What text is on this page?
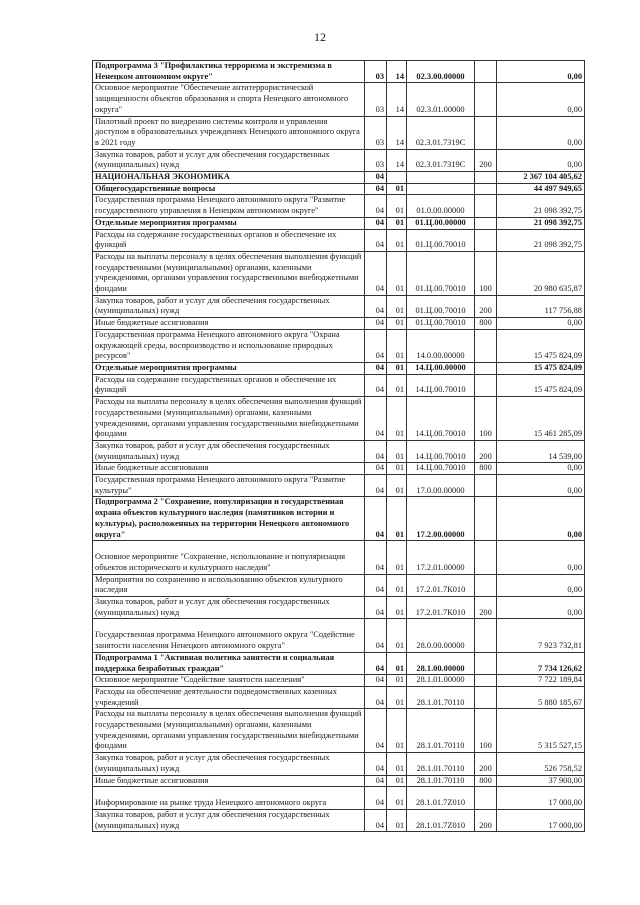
12
Подпрограмма 3 "Профилактика терроризма и экстремизма в Ненецком автономном округе"	03	14	02.3.00.00000		0,00
Основное мероприятие "Обеспечение антитеррористической защищенности объектов образования и спорта Ненецкого автономного округа"	03	14	02.3.01.00000		0,00
Пилотный проект по внедрению системы контроля и управления доступом в образовательных учреждениях Ненецкого автономного округа в 2021 году	03	14	02.3.01.7319С		0,00
Закупка товаров, работ и услуг для обеспечения государственных (муниципальных) нужд	03	14	02.3.01.7319С	200	0,00
НАЦИОНАЛЬНАЯ ЭКОНОМИКА	04				2 367 104 405,62
Общегосударственные вопросы	04	01			44 497 949,65
Государственная программа Ненецкого автономного округа "Развитие государственного управления в Ненецком автономном округе"	04	01	01.0.00.00000		21 098 392,75
Отдельные мероприятия программы	04	01	01.Ц.00.00000		21 098 392,75
Расходы на содержание государственных органов и обеспечение их функций	04	01	01.Ц.00.70010		21 098 392,75
Расходы на выплаты персоналу в целях обеспечения выполнения функций государственными (муниципальными) органами, казенными учреждениями, органами управления государственными внебюджетными фондами	04	01	01.Ц.00.70010	100	20 980 635,87
Закупка товаров, работ и услуг для обеспечения государственных (муниципальных) нужд	04	01	01.Ц.00.70010	200	117 756,88
Иные бюджетные ассигнования	04	01	01.Ц.00.70010	800	0,00
Государственная программа Ненецкого автономного округа "Охрана окружающей среды, воспроизводство и использование природных ресурсов"	04	01	14.0.00.00000		15 475 824,09
Отдельные мероприятия программы	04	01	14.Ц.00.00000		15 475 824,09
Расходы на содержание государственных органов и обеспечение их функций	04	01	14.Ц.00.70010		15 475 824,09
Расходы на выплаты персоналу в целях обеспечения выполнения функций государственными (муниципальными) органами, казенными учреждениями, органами управления государственными внебюджетными фондами	04	01	14.Ц.00.70010	100	15 461 285,09
Закупка товаров, работ и услуг для обеспечения государственных (муниципальных) нужд	04	01	14.Ц.00.70010	200	14 539,00
Иные бюджетные ассигнования	04	01	14.Ц.00.70010	800	0,00
Государственная программа Ненецкого автономного округа "Развитие культуры"	04	01	17.0.00.00000		0,00
Подпрограмма 2 "Сохранение, популяризация и государственная охрана объектов культурного наследия (памятников истории и культуры), расположенных на территории Ненецкого автономного округа"	04	01	17.2.00.00000		0,00
Основное мероприятие "Сохранение, использование и популяризация объектов исторического и культурного наследия"	04	01	17.2.01.00000		0,00
Мероприятия по сохранению и использованию объектов культурного наследия	04	01	17.2.01.7К010		0,00
Закупка товаров, работ и услуг для обеспечения государственных (муниципальных) нужд	04	01	17.2.01.7К010	200	0,00
Государственная программа Ненецкого автономного округа "Содействие занятости населения Ненецкого автономного округа"	04	01	28.0.00.00000		7 923 732,81
Подпрограмма 1 "Активная политика занятости и социальная поддержка безработных граждан"	04	01	28.1.00.00000		7 734 126,62
Основное мероприятие "Содействие занятости населения"	04	01	28.1.01.00000		7 722 189,84
Расходы на обеспечение деятельности подведомственных казенных учреждений	04	01	28.1.01.70110		5 880 185,67
Расходы на выплаты персоналу в целях обеспечения выполнения функций государственными (муниципальными) органами, казенными учреждениями, органами управления государственными внебюджетными фондами	04	01	28.1.01.70110	100	5 315 527,15
Закупка товаров, работ и услуг для обеспечения государственных (муниципальных) нужд	04	01	28.1.01.70110	200	526 758,52
Иные бюджетные ассигнования	04	01	28.1.01.70110	800	37 900,00
Информирование на рынке труда Ненецкого автономного округа	04	01	28.1.01.7Z010		17 000,00
Закупка товаров, работ и услуг для обеспечения государственных (муниципальных) нужд	04	01	28.1.01.7Z010	200	17 000,00
